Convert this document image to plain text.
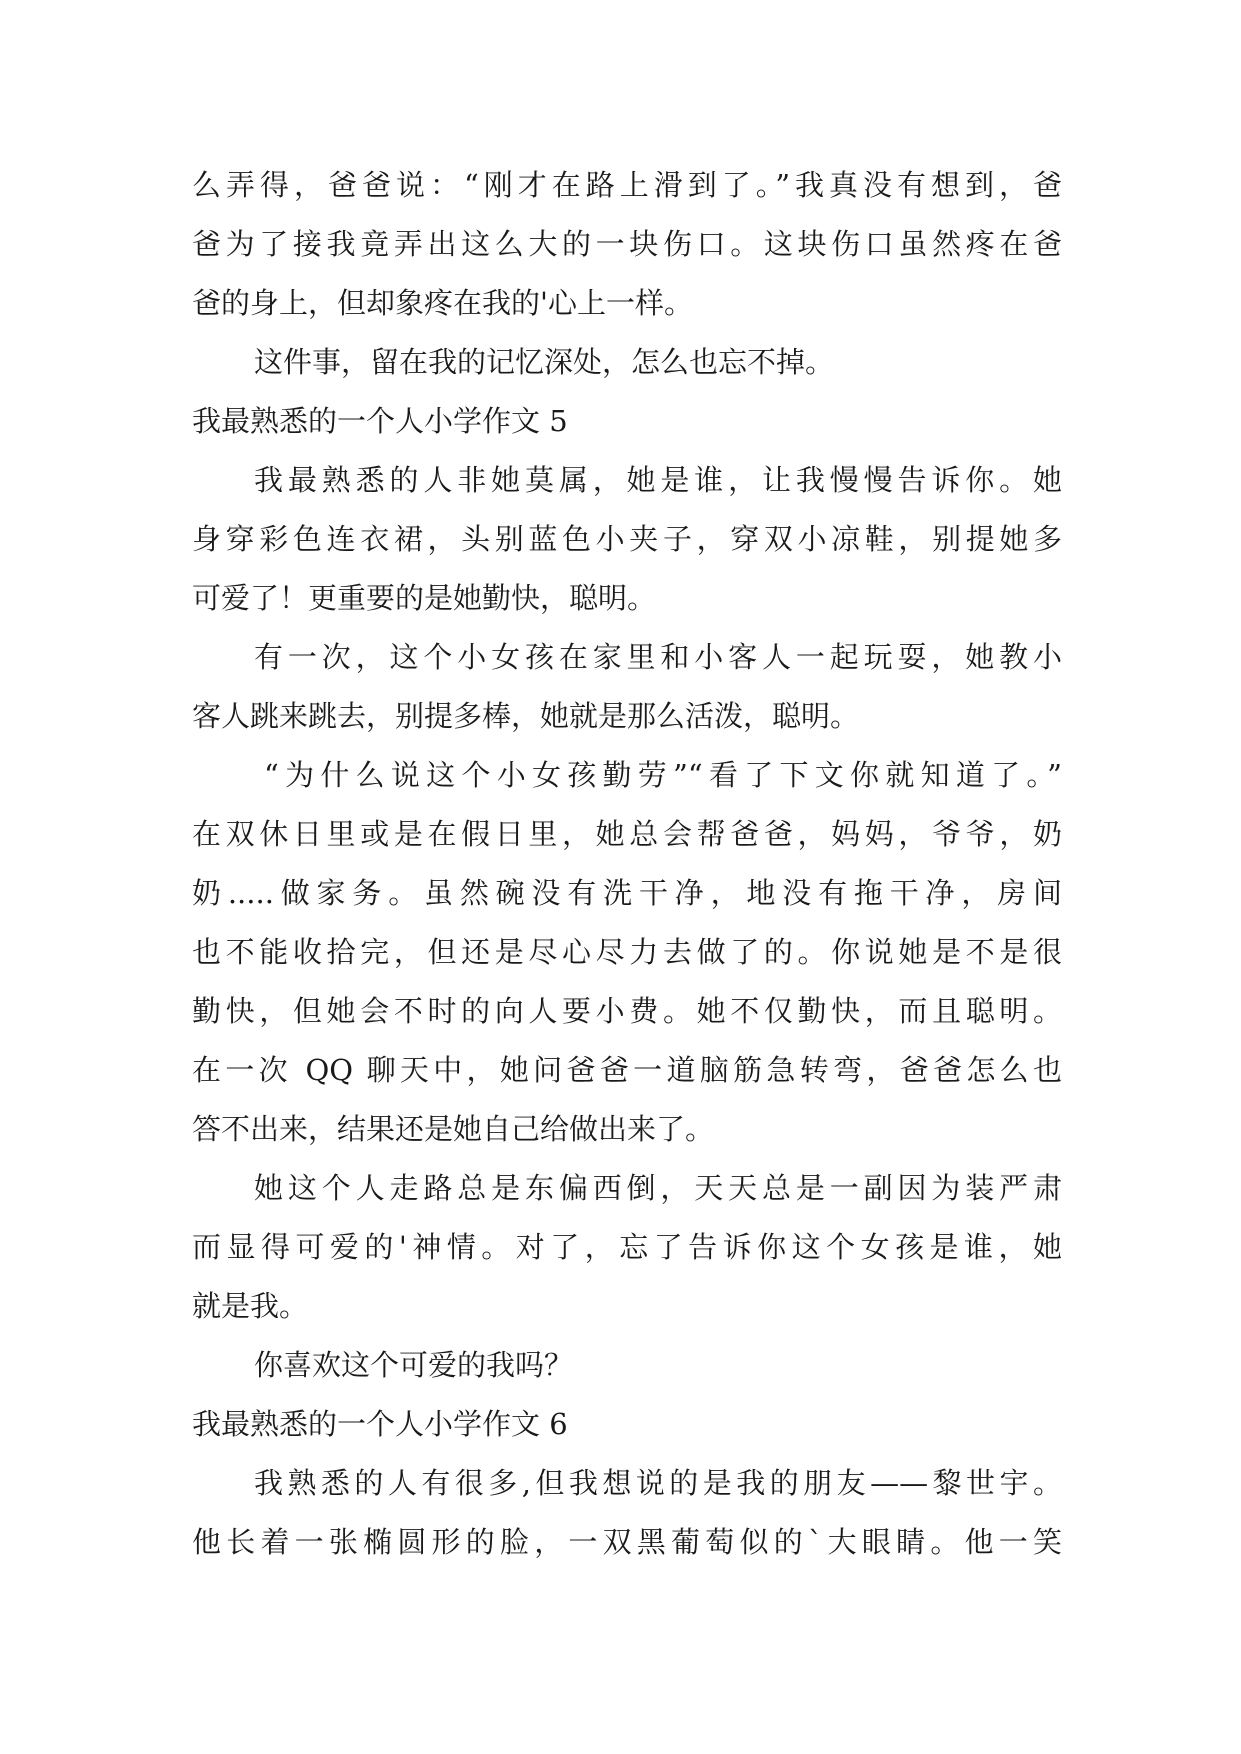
么弄得，爸爸说：“刚才在路上滑到了。”我真没有想到，爸
爸为了接我竟弄出这么大的一块伤口。这块伤口虽然疼在爸
爸的身上，但却象疼在我的'心上一样。
这件事，留在我的记忆深处，怎么也忘不掉。
我最熟悉的一个人小学作文 5
我最熟悉的人非她莫属，她是谁，让我慢慢告诉你。她
身穿彩色连衣裙，头别蓝色小夹子，穿双小凉鞋，别提她多
可爱了！更重要的是她勤快，聪明。
有一次，这个小女孩在家里和小客人一起玩耍，她教小
客人跳来跳去，别提多棒，她就是那么活泼，聪明。
“为什么说这个小女孩勤劳”“看了下文你就知道了。”
在双休日里或是在假日里，她总会帮爸爸，妈妈，爷爷，奶
奶.....做家务。虽然碗没有洗干净，地没有拖干净，房间
也不能收拾完，但还是尽心尽力去做了的。你说她是不是很
勤快，但她会不时的向人要小费。她不仅勤快，而且聪明。
在一次 QQ 聊天中，她问爸爸一道脑筋急转弯，爸爸怎么也
答不出来，结果还是她自己给做出来了。
她这个人走路总是东偏西倒，天天总是一副因为装严肃
而显得可爱的'神情。对了，忘了告诉你这个女孩是谁，她
就是我。
你喜欢这个可爱的我吗？
我最熟悉的一个人小学作文 6
我熟悉的人有很多,但我想说的是我的朋友——黎世宇。
他长着一张椭圆形的脸，一双黑葡萄似的`大眼睛。他一笑
